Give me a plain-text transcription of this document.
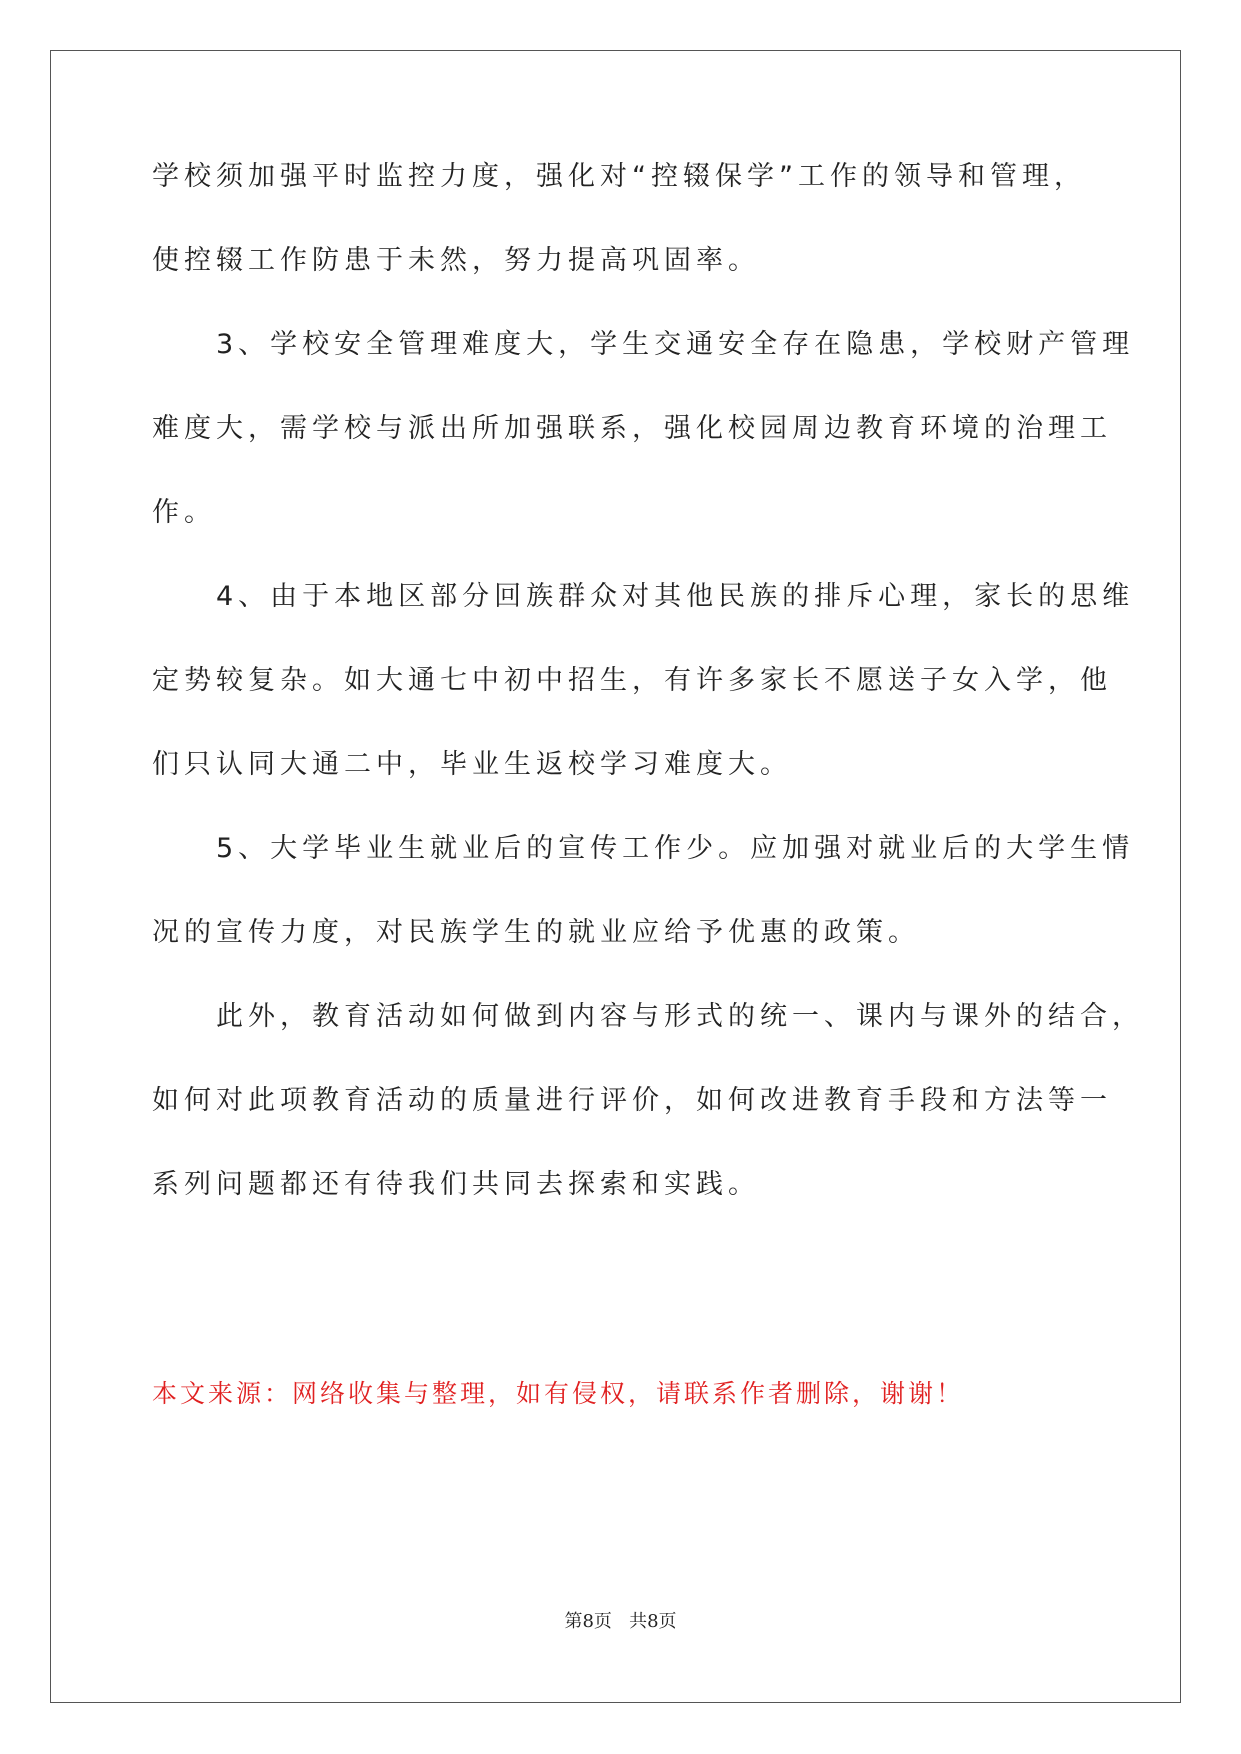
学校须加强平时监控力度，强化对“控辍保学”工作的领导和管理，
使控辍工作防患于未然，努力提高巩固率。
　　3、学校安全管理难度大，学生交通安全存在隐患，学校财产管理
难度大，需学校与派出所加强联系，强化校园周边教育环境的治理工
作。
　　4、由于本地区部分回族群众对其他民族的排斥心理，家长的思维
定势较复杂。如大通七中初中招生，有许多家长不愿送子女入学，他
们只认同大通二中，毕业生返校学习难度大。
　　5、大学毕业生就业后的宣传工作少。应加强对就业后的大学生情
况的宣传力度，对民族学生的就业应给予优惠的政策。
　　此外，教育活动如何做到内容与形式的统一、课内与课外的结合，
如何对此项教育活动的质量进行评价，如何改进教育手段和方法等一
系列问题都还有待我们共同去探索和实践。
本文来源：网络收集与整理，如有侵权，请联系作者删除，谢谢！
第8页   共8页
